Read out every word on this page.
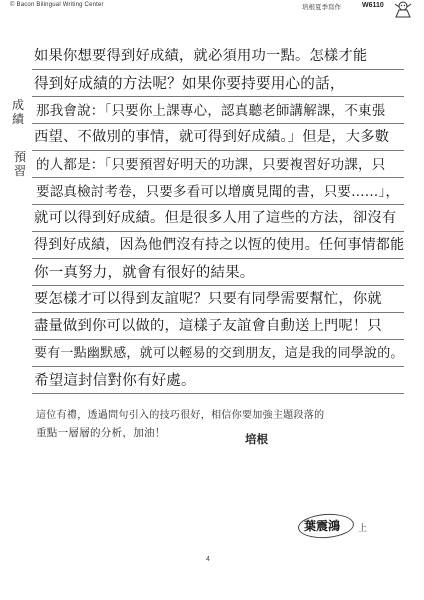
© Bacon Bilingual Writing Center	培根夏季寫作	W6110
成績
預習
如果你想要得到好成績，就必須用功一點。怎樣才能
得到好成績的方法呢？如果你要持要用心的話，
那我會說：「只要你上課專心，認真聽老師講解課，不東張
西望、不做別的事情，就可得到好成績。」但是，大多數
的人都是：「只要預習好明天的功課，只要複習好功課，只
要認真檢討考卷，只要多看可以增廣見聞的書，只要……」，
就可以得到好成績。但是很多人用了這些的方法，卻沒有
得到好成績，因為他們沒有持之以恆的使用。任何事情都能
你一真努力，就會有很好的結果。
要怎樣才可以得到友誼呢？只要有同學需要幫忙，你就
盡量做到你可以做的，這樣子友誼會自動送上門呢！只
要有一點幽默感，就可以輕易的交到朋友，這是我的同學說的。
希望這封信對你有好處。
這位有禮，透過問句引入的技巧很好，相信你要加強主題段落的
重點一層層的分析，加油！	培根
葉震鴻 上
4
